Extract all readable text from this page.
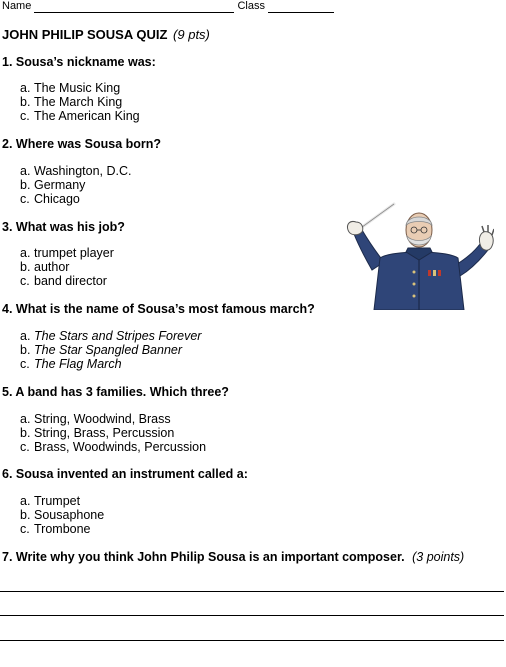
Name	Class
JOHN PHILIP SOUSA QUIZ (9 pts)
1. Sousa’s nickname was:
a. The Music King
b. The March King
c. The American King
2. Where was Sousa born?
a. Washington, D.C.
b. Germany
c. Chicago
3. What was his job?
a. trumpet player
b. author
c. band director
4. What is the name of Sousa’s most famous march?
a. The Stars and Stripes Forever
b. The Star Spangled Banner
c. The Flag March
5. A band has 3 families. Which three?
a. String, Woodwind, Brass
b. String, Brass, Percussion
c. Brass, Woodwinds, Percussion
6. Sousa invented an instrument called a:
a. Trumpet
b. Sousaphone
c. Trombone
7. Write why you think John Philip Sousa is an important composer. (3 points)
